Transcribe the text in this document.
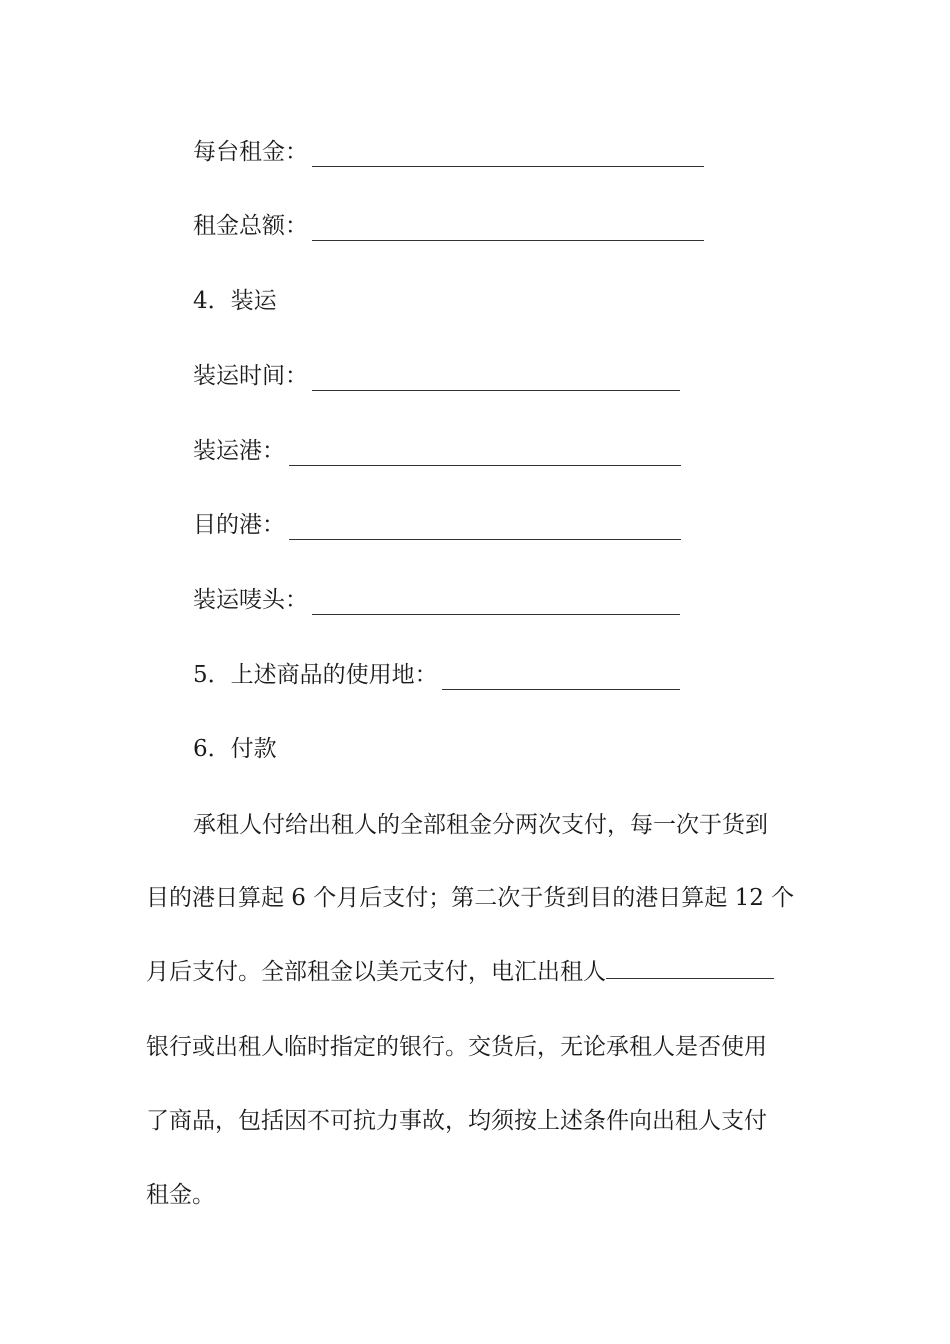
每台租金：
租金总额：
4．装运
装运时间：
装运港：
目的港：
装运唛头：
5．上述商品的使用地：
6．付款
承租人付给出租人的全部租金分两次支付，每一次于货到
目的港日算起 6 个月后支付；第二次于货到目的港日算起 12 个
月后支付。全部租金以美元支付，电汇出租人
银行或出租人临时指定的银行。交货后，无论承租人是否使用
了商品，包括因不可抗力事故，均须按上述条件向出租人支付
租金。
